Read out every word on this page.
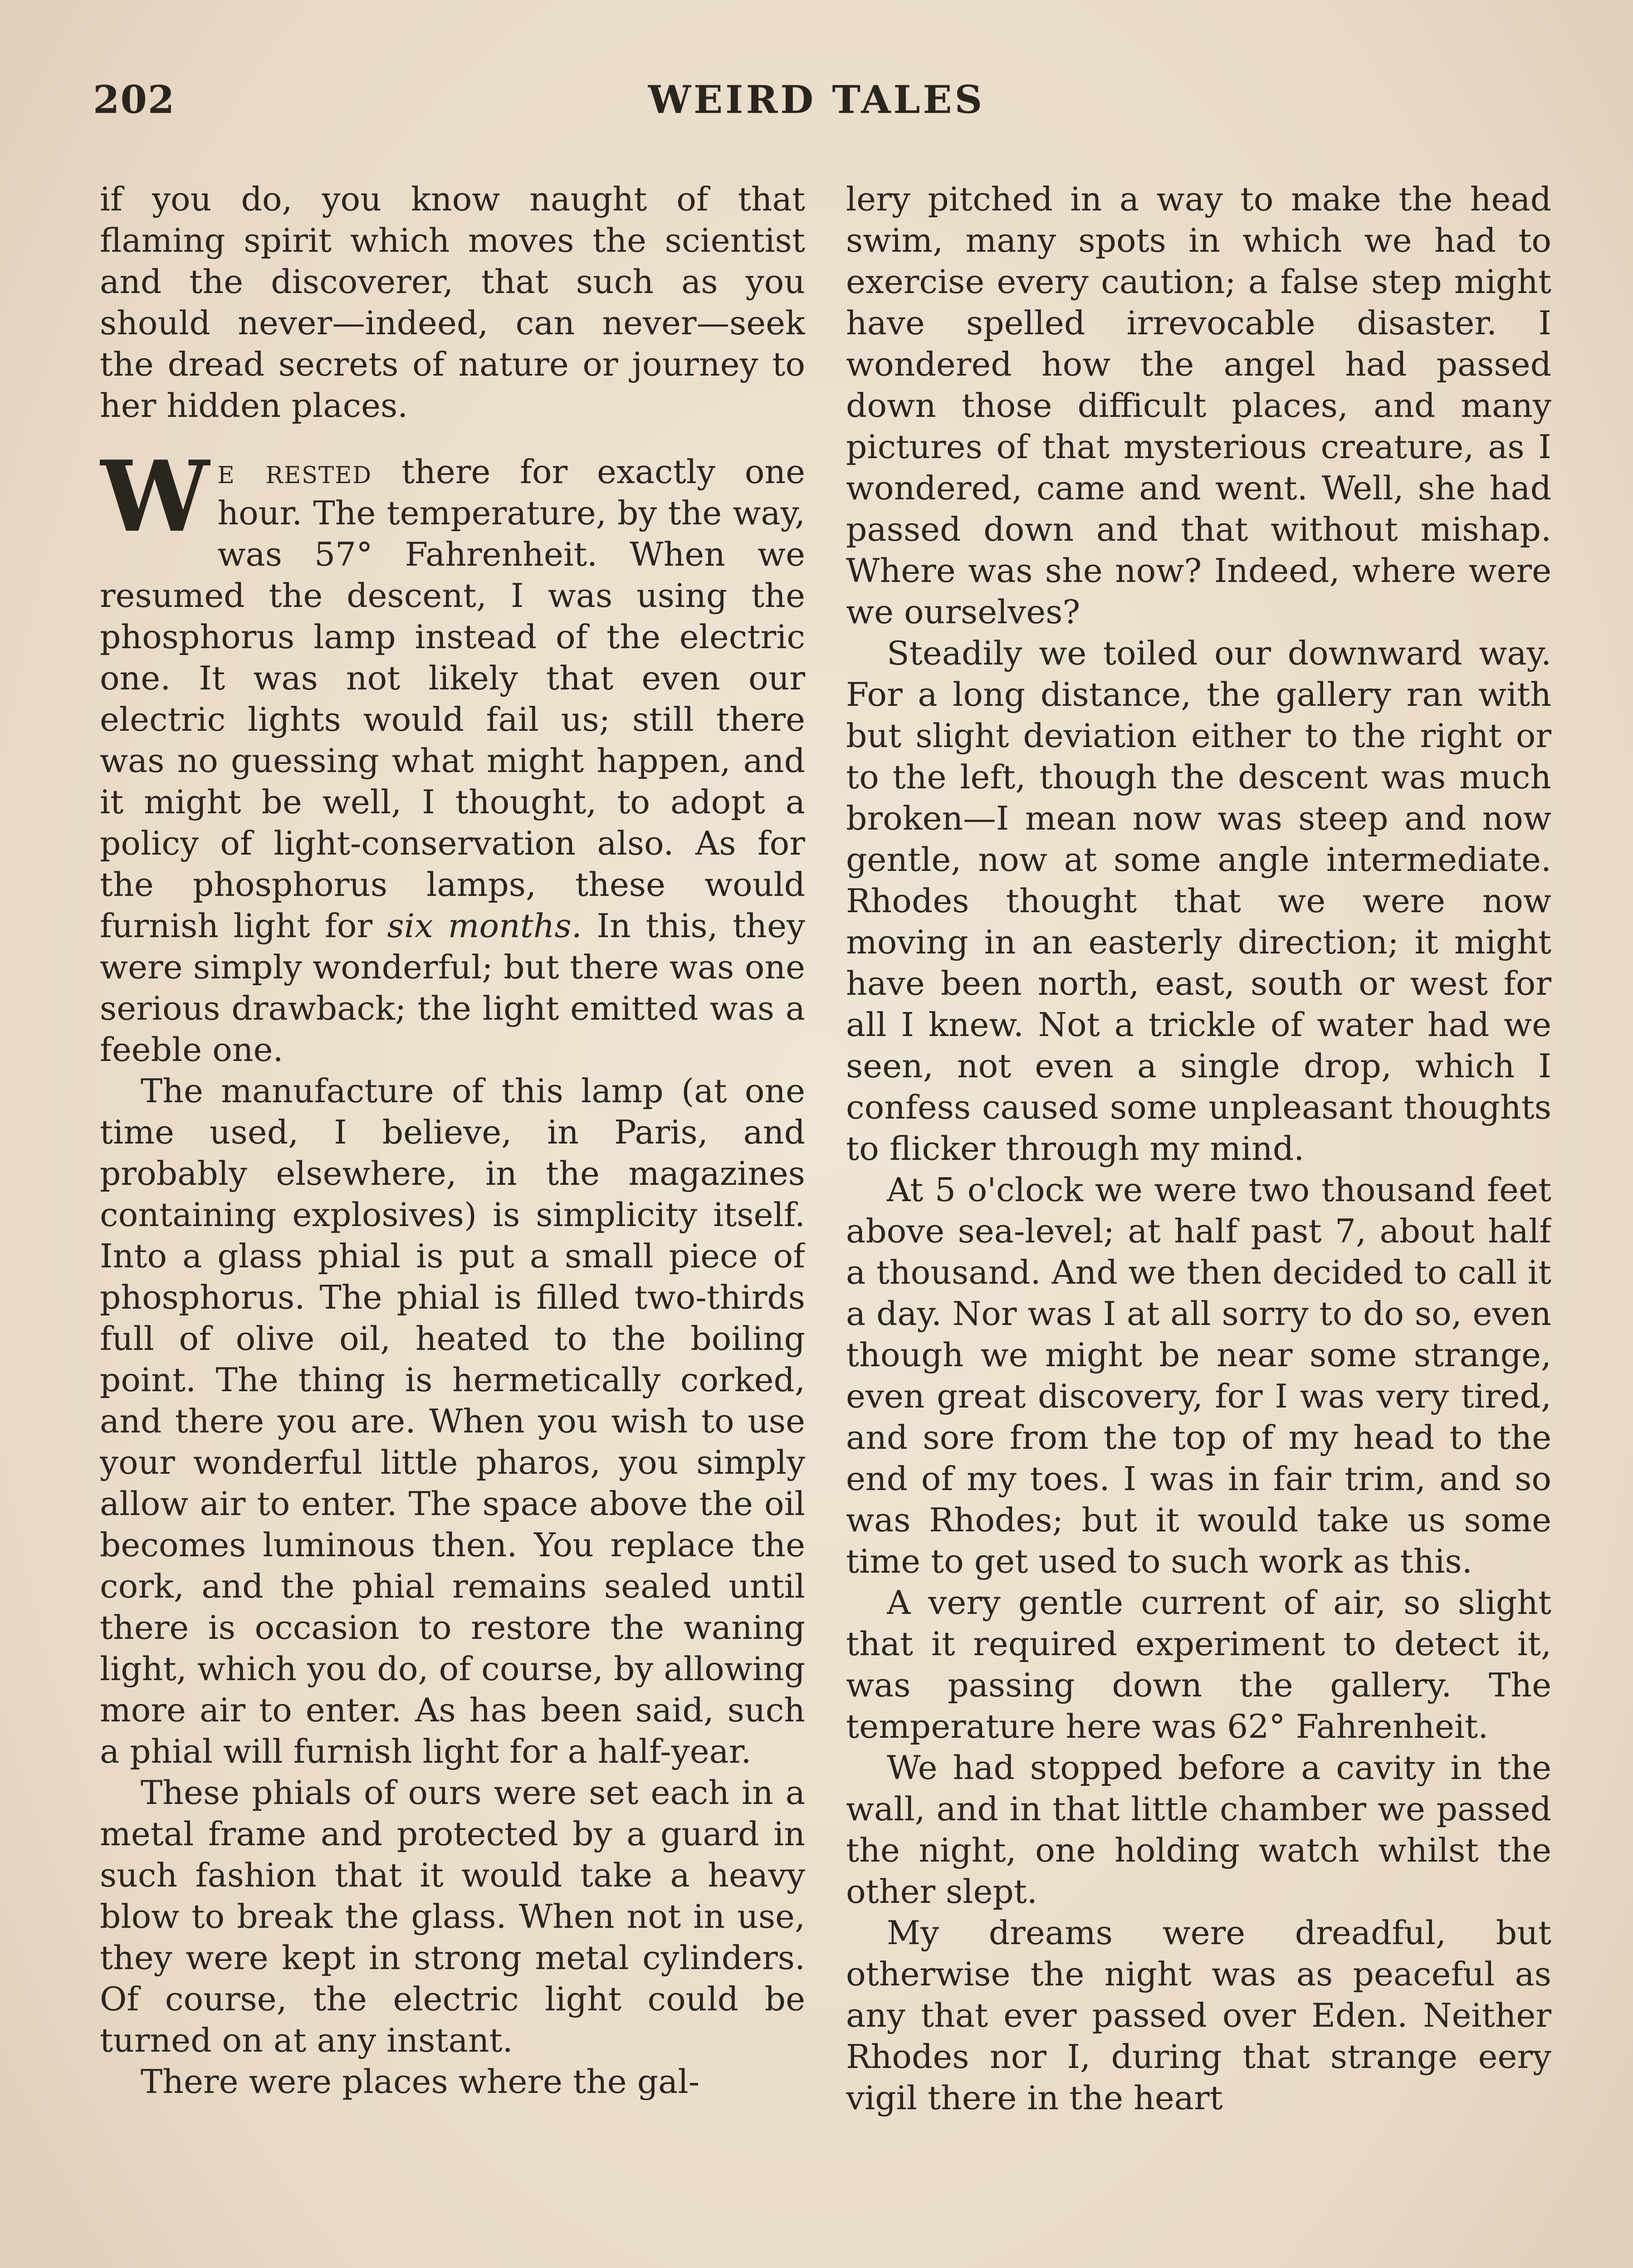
202	WEIRD TALES

if you do, you know naught of that flaming spirit which moves the scientist and the discoverer, that such as you should never—indeed, can never—seek the dread secrets of nature or journey to her hidden places.

We rested there for exactly one hour. The temperature, by the way, was 57° Fahrenheit. When we resumed the descent, I was using the phosphorus lamp instead of the electric one. It was not likely that even our electric lights would fail us; still there was no guessing what might happen, and it might be well, I thought, to adopt a policy of light-conservation also. As for the phosphorus lamps, these would furnish light for six months. In this, they were simply wonderful; but there was one serious drawback; the light emitted was a feeble one.

The manufacture of this lamp (at one time used, I believe, in Paris, and probably elsewhere, in the magazines containing explosives) is simplicity itself. Into a glass phial is put a small piece of phosphorus. The phial is filled two-thirds full of olive oil, heated to the boiling point. The thing is hermetically corked, and there you are. When you wish to use your wonderful little pharos, you simply allow air to enter. The space above the oil becomes luminous then. You replace the cork, and the phial remains sealed until there is occasion to restore the waning light, which you do, of course, by allowing more air to enter. As has been said, such a phial will furnish light for a half-year.

These phials of ours were set each in a metal frame and protected by a guard in such fashion that it would take a heavy blow to break the glass. When not in use, they were kept in strong metal cylinders. Of course, the electric light could be turned on at any instant.

There were places where the gal-

lery pitched in a way to make the head swim, many spots in which we had to exercise every caution; a false step might have spelled irrevocable disaster. I wondered how the angel had passed down those difficult places, and many pictures of that mysterious creature, as I wondered, came and went. Well, she had passed down and that without mishap. Where was she now? Indeed, where were we ourselves?

Steadily we toiled our downward way. For a long distance, the gallery ran with but slight deviation either to the right or to the left, though the descent was much broken—I mean now was steep and now gentle, now at some angle intermediate. Rhodes thought that we were now moving in an easterly direction; it might have been north, east, south or west for all I knew. Not a trickle of water had we seen, not even a single drop, which I confess caused some unpleasant thoughts to flicker through my mind.

At 5 o'clock we were two thousand feet above sea-level; at half past 7, about half a thousand. And we then decided to call it a day. Nor was I at all sorry to do so, even though we might be near some strange, even great discovery, for I was very tired, and sore from the top of my head to the end of my toes. I was in fair trim, and so was Rhodes; but it would take us some time to get used to such work as this.

A very gentle current of air, so slight that it required experiment to detect it, was passing down the gallery. The temperature here was 62° Fahrenheit.

We had stopped before a cavity in the wall, and in that little chamber we passed the night, one holding watch whilst the other slept.

My dreams were dreadful, but otherwise the night was as peaceful as any that ever passed over Eden. Neither Rhodes nor I, during that strange eery vigil there in the heart
